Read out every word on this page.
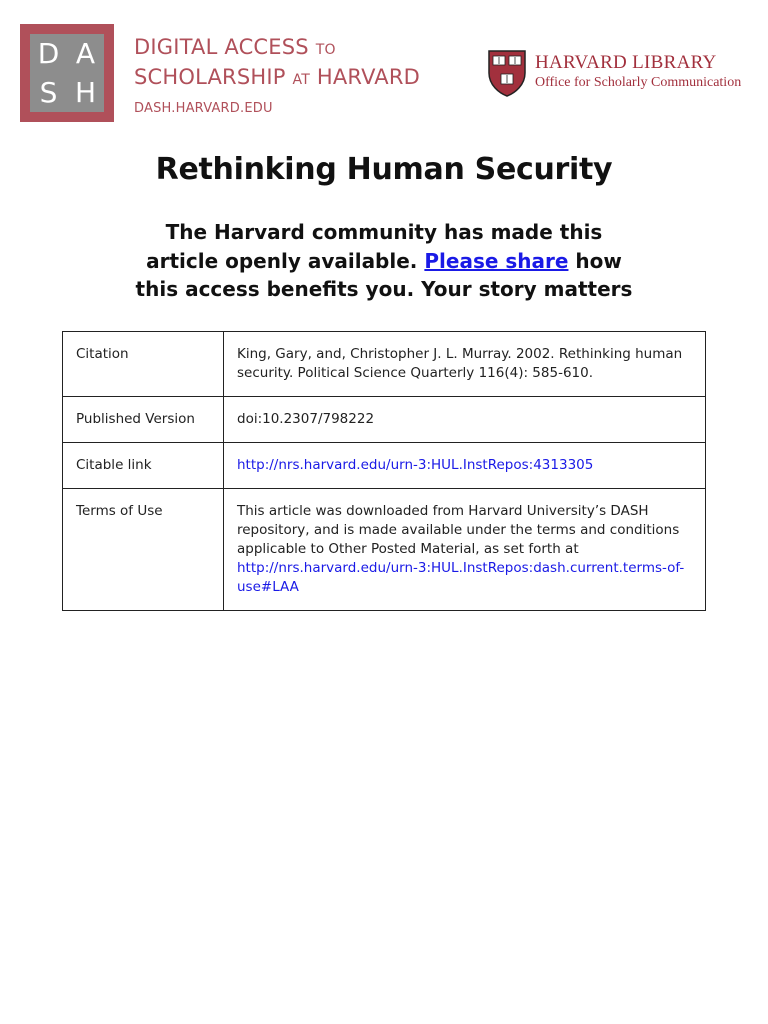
D A
S H
DIGITAL ACCESS TO
SCHOLARSHIP AT HARVARD
DASH.HARVARD.EDU
HARVARD LIBRARY
Office for Scholarly Communication
Rethinking Human Security
The Harvard community has made this
article openly available. Please share how
this access benefits you. Your story matters
Citation	King, Gary, and, Christopher J. L. Murray. 2002. Rethinking human security. Political Science Quarterly 116(4): 585-610.
Published Version	doi:10.2307/798222
Citable link	http://nrs.harvard.edu/urn-3:HUL.InstRepos:4313305
Terms of Use	This article was downloaded from Harvard University’s DASH repository, and is made available under the terms and conditions applicable to Other Posted Material, as set forth at http://nrs.harvard.edu/urn-3:HUL.InstRepos:dash.current.terms-of-use#LAA
